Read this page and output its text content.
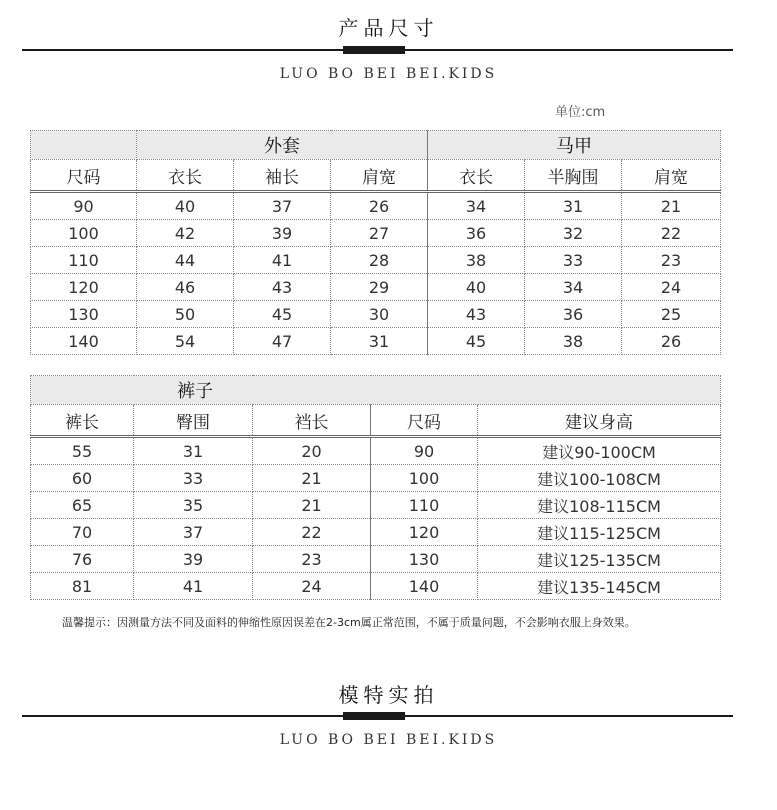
产品尺寸
LUO BO BEI BEI.KIDS
单位:cm
	外套			马甲		
尺码	衣长	袖长	肩宽	衣长	半胸围	肩宽
90	40	37	26	34	31	21
100	42	39	27	36	32	22
110	44	41	28	38	33	23
120	46	43	29	40	34	24
130	50	45	30	43	36	25
140	54	47	31	45	38	26
裤子				
裤长	臀围	裆长	尺码	建议身高
55	31	20	90	建议90-100CM
60	33	21	100	建议100-108CM
65	35	21	110	建议108-115CM
70	37	22	120	建议115-125CM
76	39	23	130	建议125-135CM
81	41	24	140	建议135-145CM
温馨提示：因测量方法不同及面料的伸缩性原因误差在2-3cm属正常范围，不属于质量问题，不会影响衣服上身效果。
模特实拍
LUO BO BEI BEI.KIDS
